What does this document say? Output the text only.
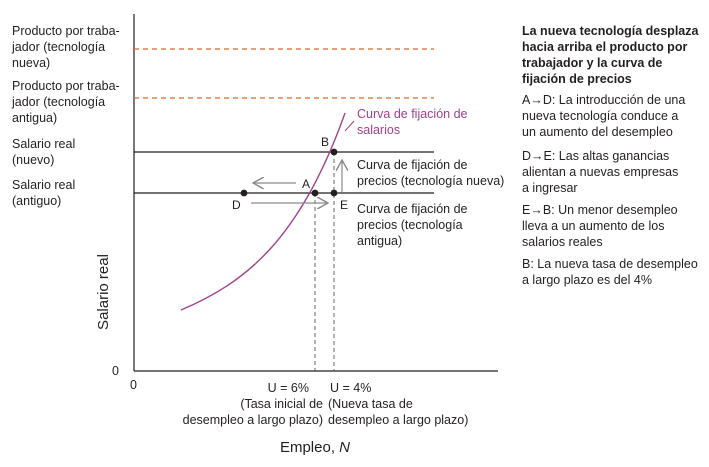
A
B
D	E
Producto por traba-
jador (tecnología
nueva)
Producto por traba-
jador (tecnología
antigua)
Salario real
(nuevo)
Salario real
(antiguo)
Curva de fijación de
salarios
Curva de fijación de
precios (tecnología nueva)
Curva de fijación de
precios (tecnología
antigua)
Salario real
0
0
Empleo, N
U = 6%
(Tasa inicial de
desempleo a largo plazo)
U = 4%
(Nueva tasa de
desempleo a largo plazo)
La nueva tecnología desplaza
hacia arriba el producto por
trabajador y la curva de
fijación de precios
A→D: La introducción de una
nueva tecnología conduce a
un aumento del desempleo
D→E: Las altas ganancias
alientan a nuevas empresas
a ingresar
E→B: Un menor desempleo
lleva a un aumento de los
salarios reales
B: La nueva tasa de desempleo
a largo plazo es del 4%
